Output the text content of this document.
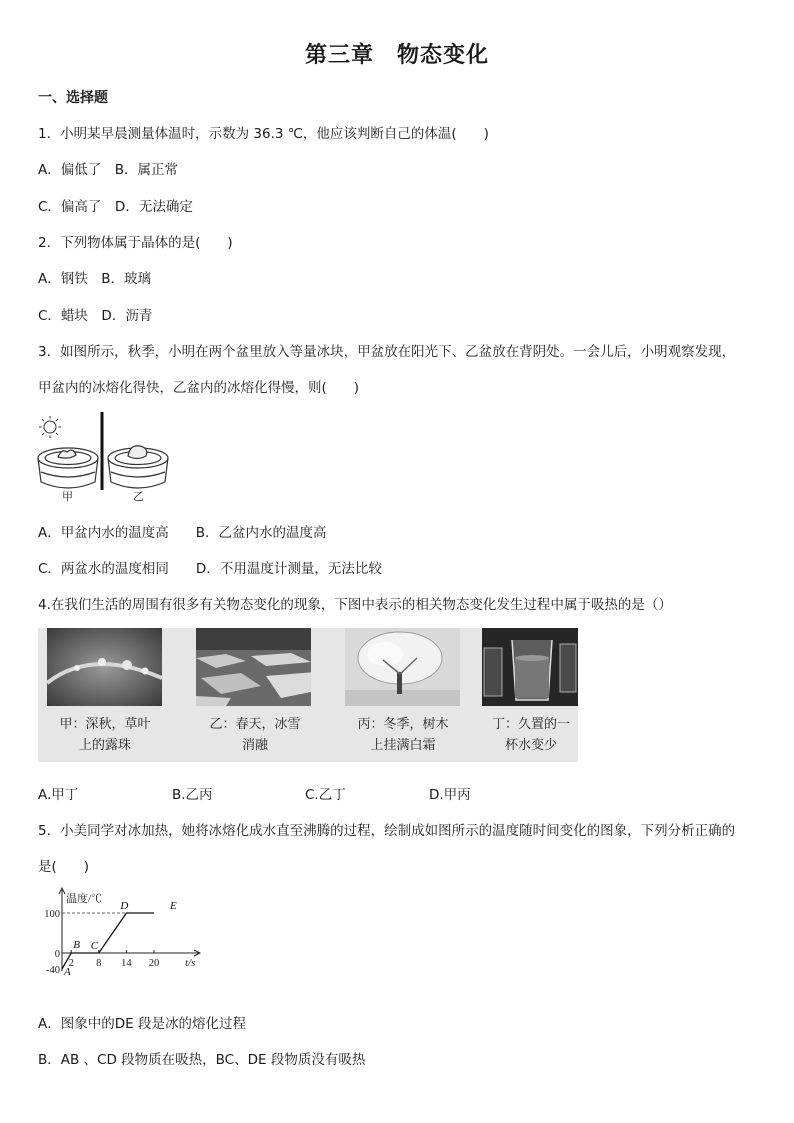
第三章　物态变化
一、选择题
1．小明某早晨测量体温时，示数为 36.3 ℃，他应该判断自己的体温(　　)
A．偏低了　B．属正常
C．偏高了　D．无法确定
2．下列物体属于晶体的是(　　)
A．钢铁　B．玻璃
C．蜡块　D．沥青
3．如图所示，秋季，小明在两个盆里放入等量冰块，甲盆放在阳光下、乙盆放在背阴处。一会儿后，小明观察发现，
甲盆内的冰熔化得快，乙盆内的冰熔化得慢，则(　　)
甲	乙
A．甲盆内水的温度高　　B．乙盆内水的温度高
C．两盆水的温度相同　　D．不用温度计测量，无法比较
4.在我们生活的周围有很多有关物态变化的现象，下图中表示的相关物态变化发生过程中属于吸热的是（）
甲：深秋，草叶
上的露珠
乙：春天，冰雪
消融
丙：冬季，树木
上挂满白霜
丁：久置的一
杯水变少
A.甲丁	B.乙丙	C.乙丁	D.甲丙
5．小美同学对冰加热，她将冰熔化成水直至沸腾的过程，绘制成如图所示的温度随时间变化的图象，下列分析正确的
是(　　)
温度/℃
t/s
100
0
-40
2 8 14 20
A
B C
D	E
A．图象中的DE 段是冰的熔化过程
B．AB 、CD 段物质在吸热，BC、DE 段物质没有吸热
